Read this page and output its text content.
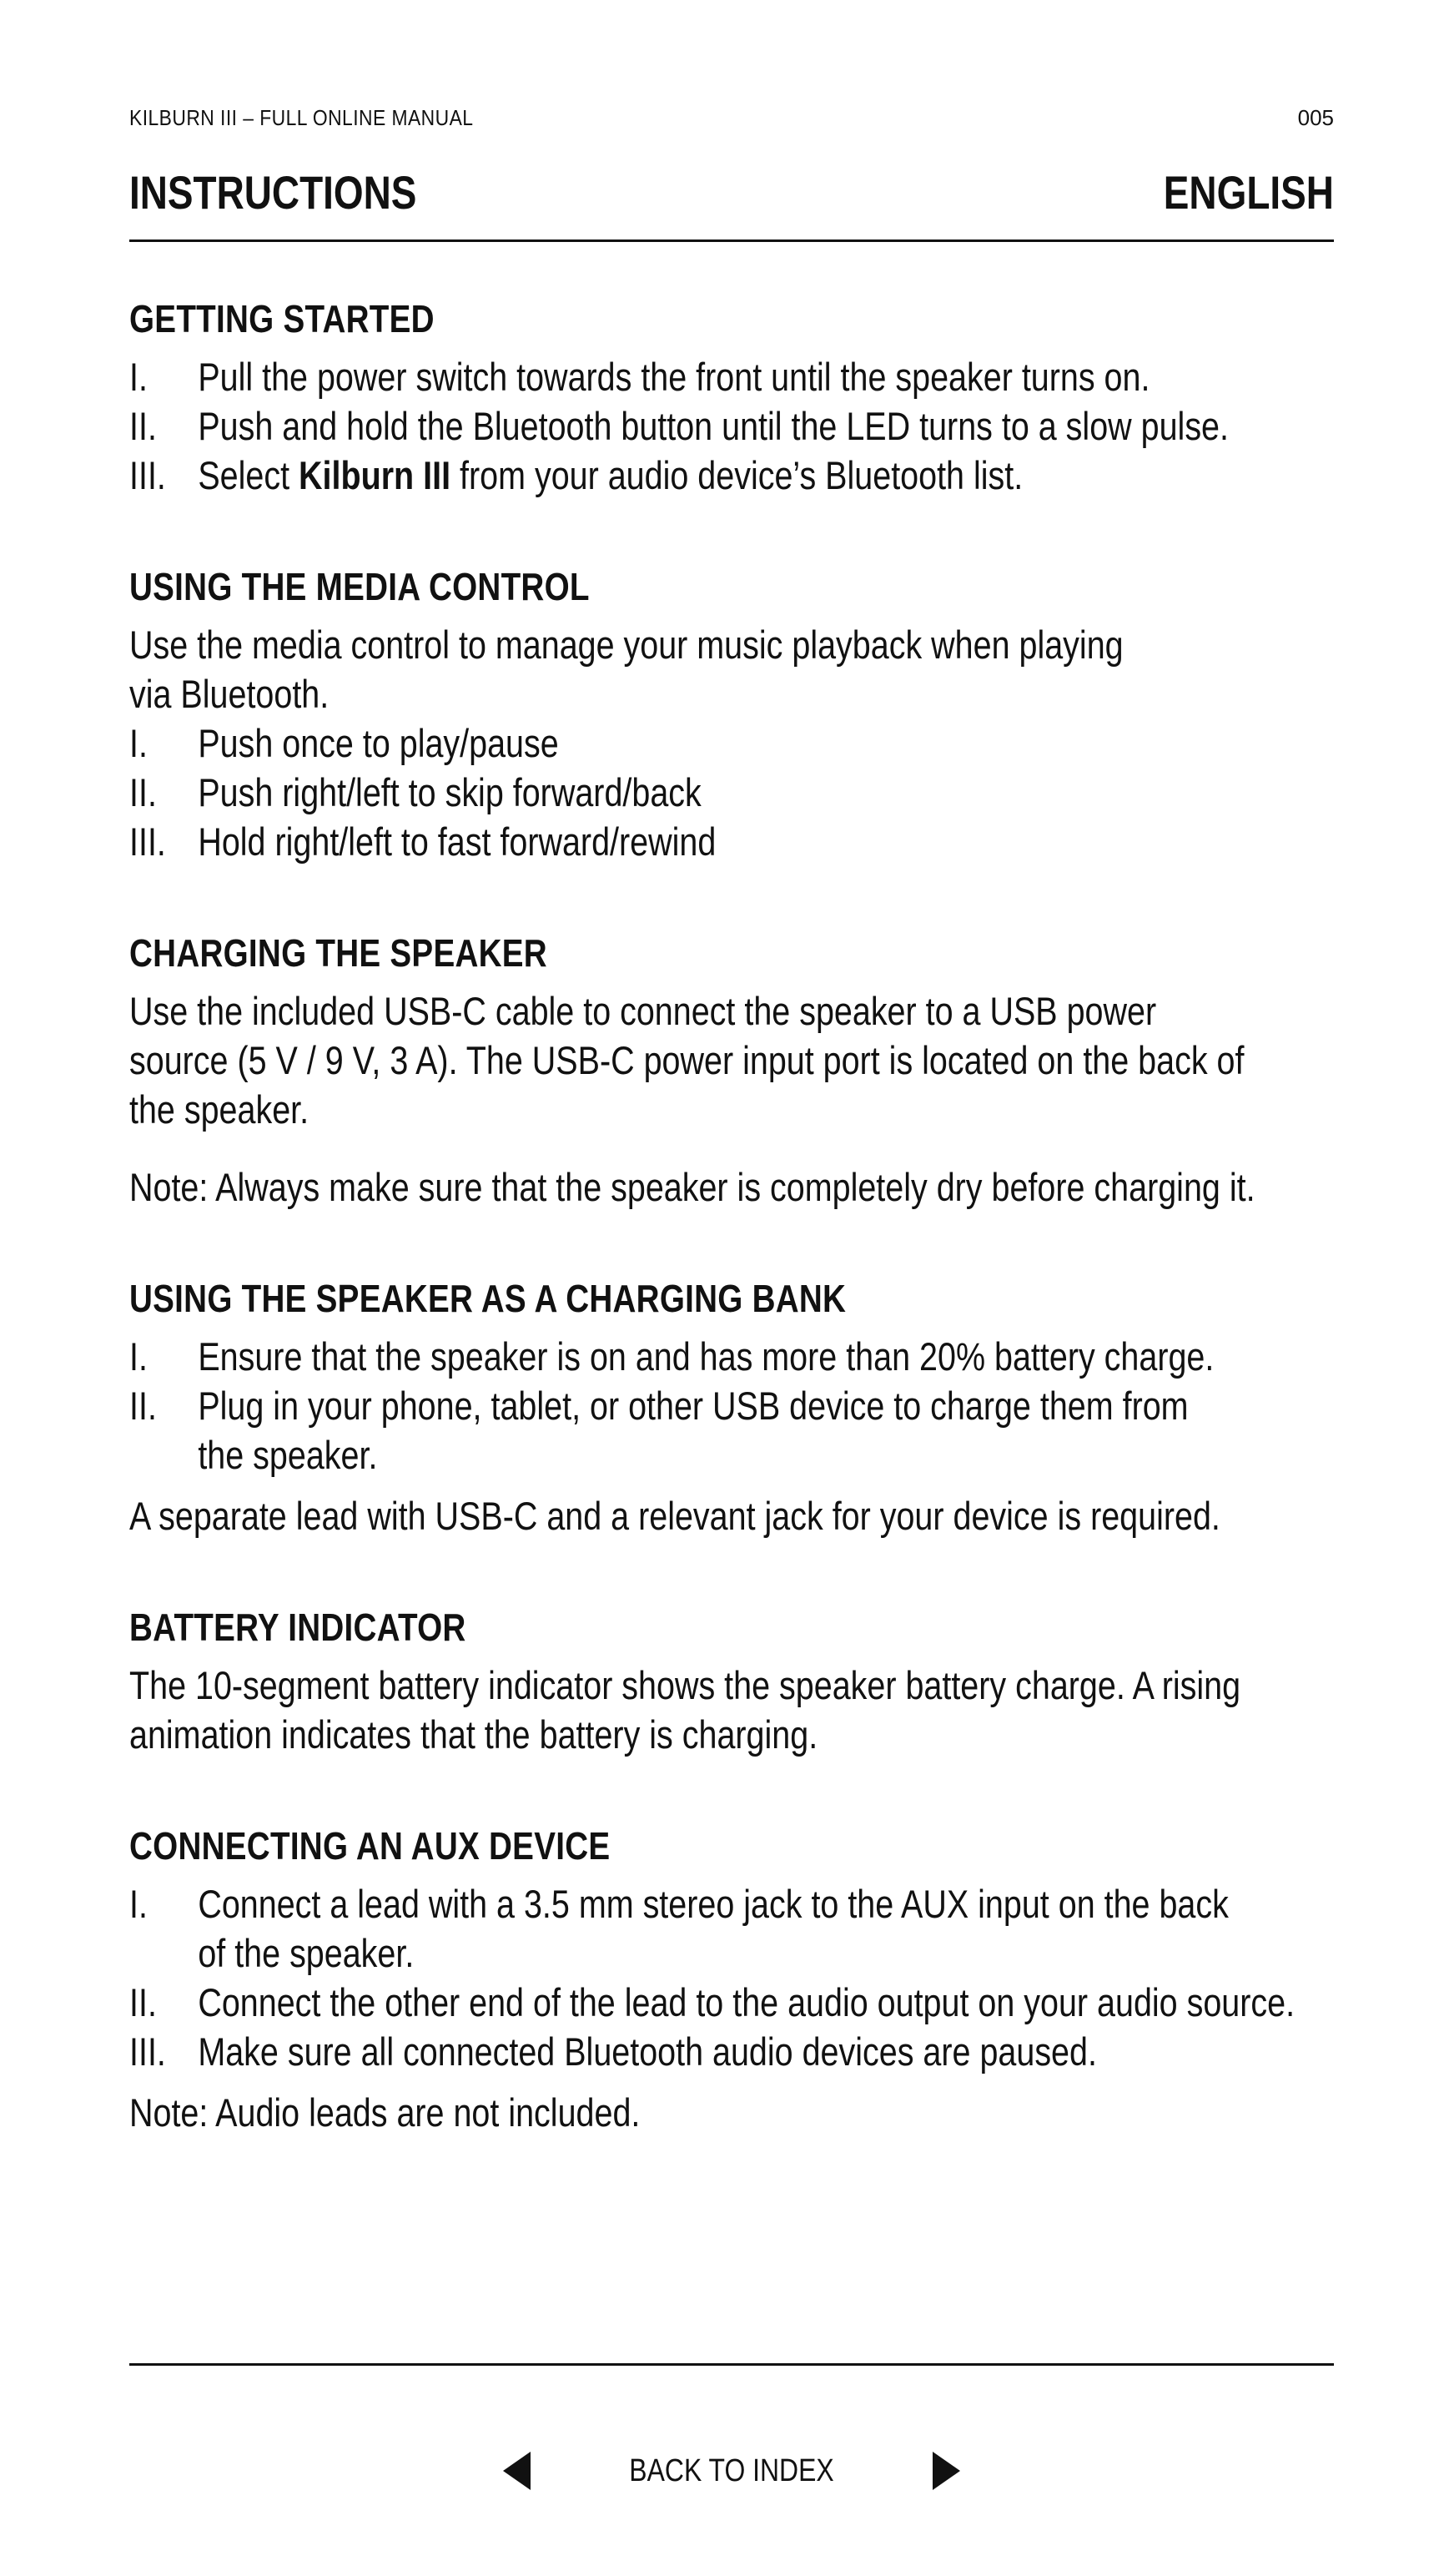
KILBURN III – FULL ONLINE MANUAL	005
INSTRUCTIONS	ENGLISH
GETTING STARTED
I. Pull the power switch towards the front until the speaker turns on.
II. Push and hold the Bluetooth button until the LED turns to a slow pulse.
III. Select Kilburn III from your audio device’s Bluetooth list.
USING THE MEDIA CONTROL

Use the media control to manage your music playback when playing
via Bluetooth.

I. Push once to play/pause
II. Push right/left to skip forward/back
III. Hold right/left to fast forward/rewind
CHARGING THE SPEAKER

Use the included USB-C cable to connect the speaker to a USB power
source (5 V / 9 V, 3 A). The USB-C power input port is located on the back of
the speaker.

Note: Always make sure that the speaker is completely dry before charging it.

USING THE SPEAKER AS A CHARGING BANK
I. Ensure that the speaker is on and has more than 20% battery charge.
II. Plug in your phone, tablet, or other USB device to charge them from
the speaker.

A separate lead with USB-C and a relevant jack for your device is required.

BATTERY INDICATOR

The 10-segment battery indicator shows the speaker battery charge. A rising
animation indicates that the battery is charging.

CONNECTING AN AUX DEVICE
I. Connect a lead with a 3.5 mm stereo jack to the AUX input on the back
of the speaker.
II. Connect the other end of the lead to the audio output on your audio source.
III. Make sure all connected Bluetooth audio devices are paused.

Note: Audio leads are not included.

BACK TO INDEX
